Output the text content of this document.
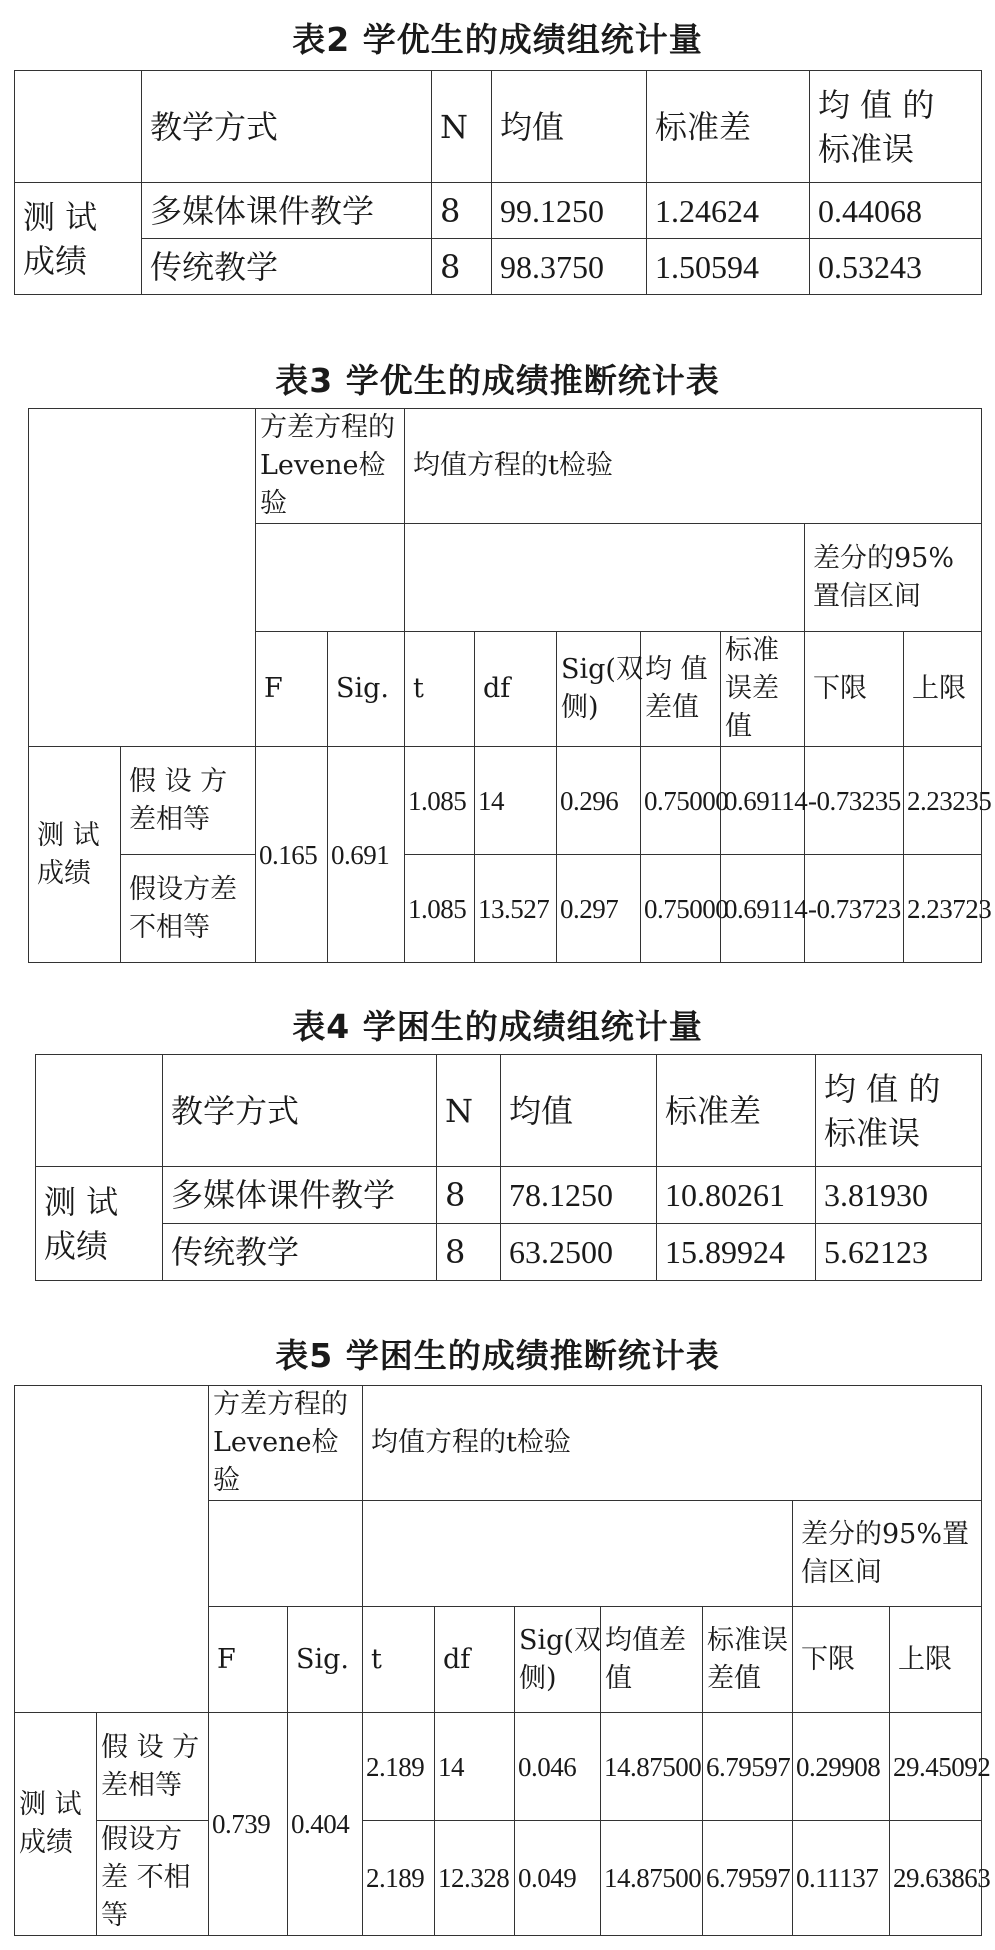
表2 学优生的成绩组统计量
	教学方式	N	均值	标准差	均 值 的 标准误
测 试 成绩	多媒体课件教学	8	99.1250	1.24624	0.44068
	传统教学	8	98.3750	1.50594	0.53243
表3 学优生的成绩推断统计表
		方差方程的 Levene检验		均值方程的t检验						
									差分的95% 置信区间	
		F	Sig.	t	df	Sig(双侧)	均 值 差值	标准误差值	下限	上限
测 试 成绩	假 设 方 差相等	0.165	0.691	1.085	14	0.296	0.75000	0.69114	-0.73235	2.23235
	假设方差 不相等			1.085	13.527	0.297	0.75000	0.69114	-0.73723	2.23723
表4 学困生的成绩组统计量
	教学方式	N	均值	标准差	均 值 的 标准误
测 试 成绩	多媒体课件教学	8	78.1250	10.80261	3.81930
	传统教学	8	63.2500	15.89924	5.62123
表5 学困生的成绩推断统计表
		方差方程的 Levene检验		均值方程的t检验						
									差分的95%置 信区间	
		F	Sig.	t	df	Sig(双侧)	均值差值	标准误差值	下限	上限
测 试 成绩	假 设 方 差相等	0.739	0.404	2.189	14	0.046	14.87500	6.79597	0.29908	29.45092
	假设方差 不相等			2.189	12.328	0.049	14.87500	6.79597	0.11137	29.63863
